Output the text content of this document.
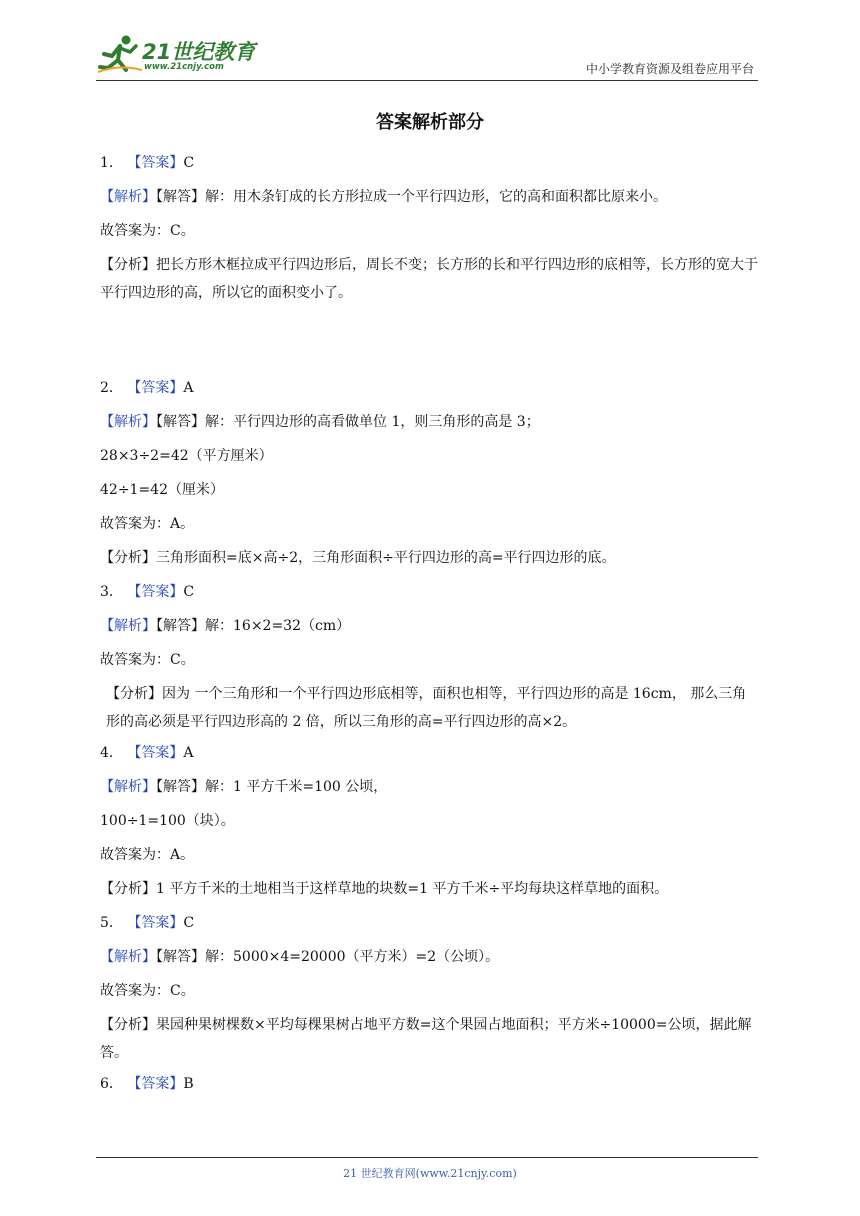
21世纪教育
www.21cnjy.com	中小学教育资源及组卷应用平台
答案解析部分
1． 【答案】C
【解析】【解答】解：用木条钉成的长方形拉成一个平行四边形，它的高和面积都比原来小。
故答案为：C。
【分析】把长方形木框拉成平行四边形后，周长不变；长方形的长和平行四边形的底相等，长方形的宽大于平行四边形的高，所以它的面积变小了。
2． 【答案】A
【解析】【解答】解：平行四边形的高看做单位 1，则三角形的高是 3；
28×3÷2=42（平方厘米）
42÷1=42（厘米）
故答案为：A。
【分析】三角形面积=底×高÷2，三角形面积÷平行四边形的高=平行四边形的底。
3． 【答案】C
【解析】【解答】解：16×2=32（cm）
故答案为：C。
【分析】因为 一个三角形和一个平行四边形底相等，面积也相等，平行四边形的高是 16cm， 那么三角形的高必须是平行四边形高的 2 倍，所以三角形的高=平行四边形的高×2。
4． 【答案】A
【解析】【解答】解：1 平方千米=100 公顷，
100÷1=100（块）。
故答案为：A。
【分析】1 平方千米的土地相当于这样草地的块数=1 平方千米÷平均每块这样草地的面积。
5． 【答案】C
【解析】【解答】解：5000×4=20000（平方米）=2（公顷）。
故答案为：C。
【分析】果园种果树棵数×平均每棵果树占地平方数=这个果园占地面积；平方米÷10000=公顷，据此解答。
6． 【答案】B
21 世纪教育网(www.21cnjy.com)
